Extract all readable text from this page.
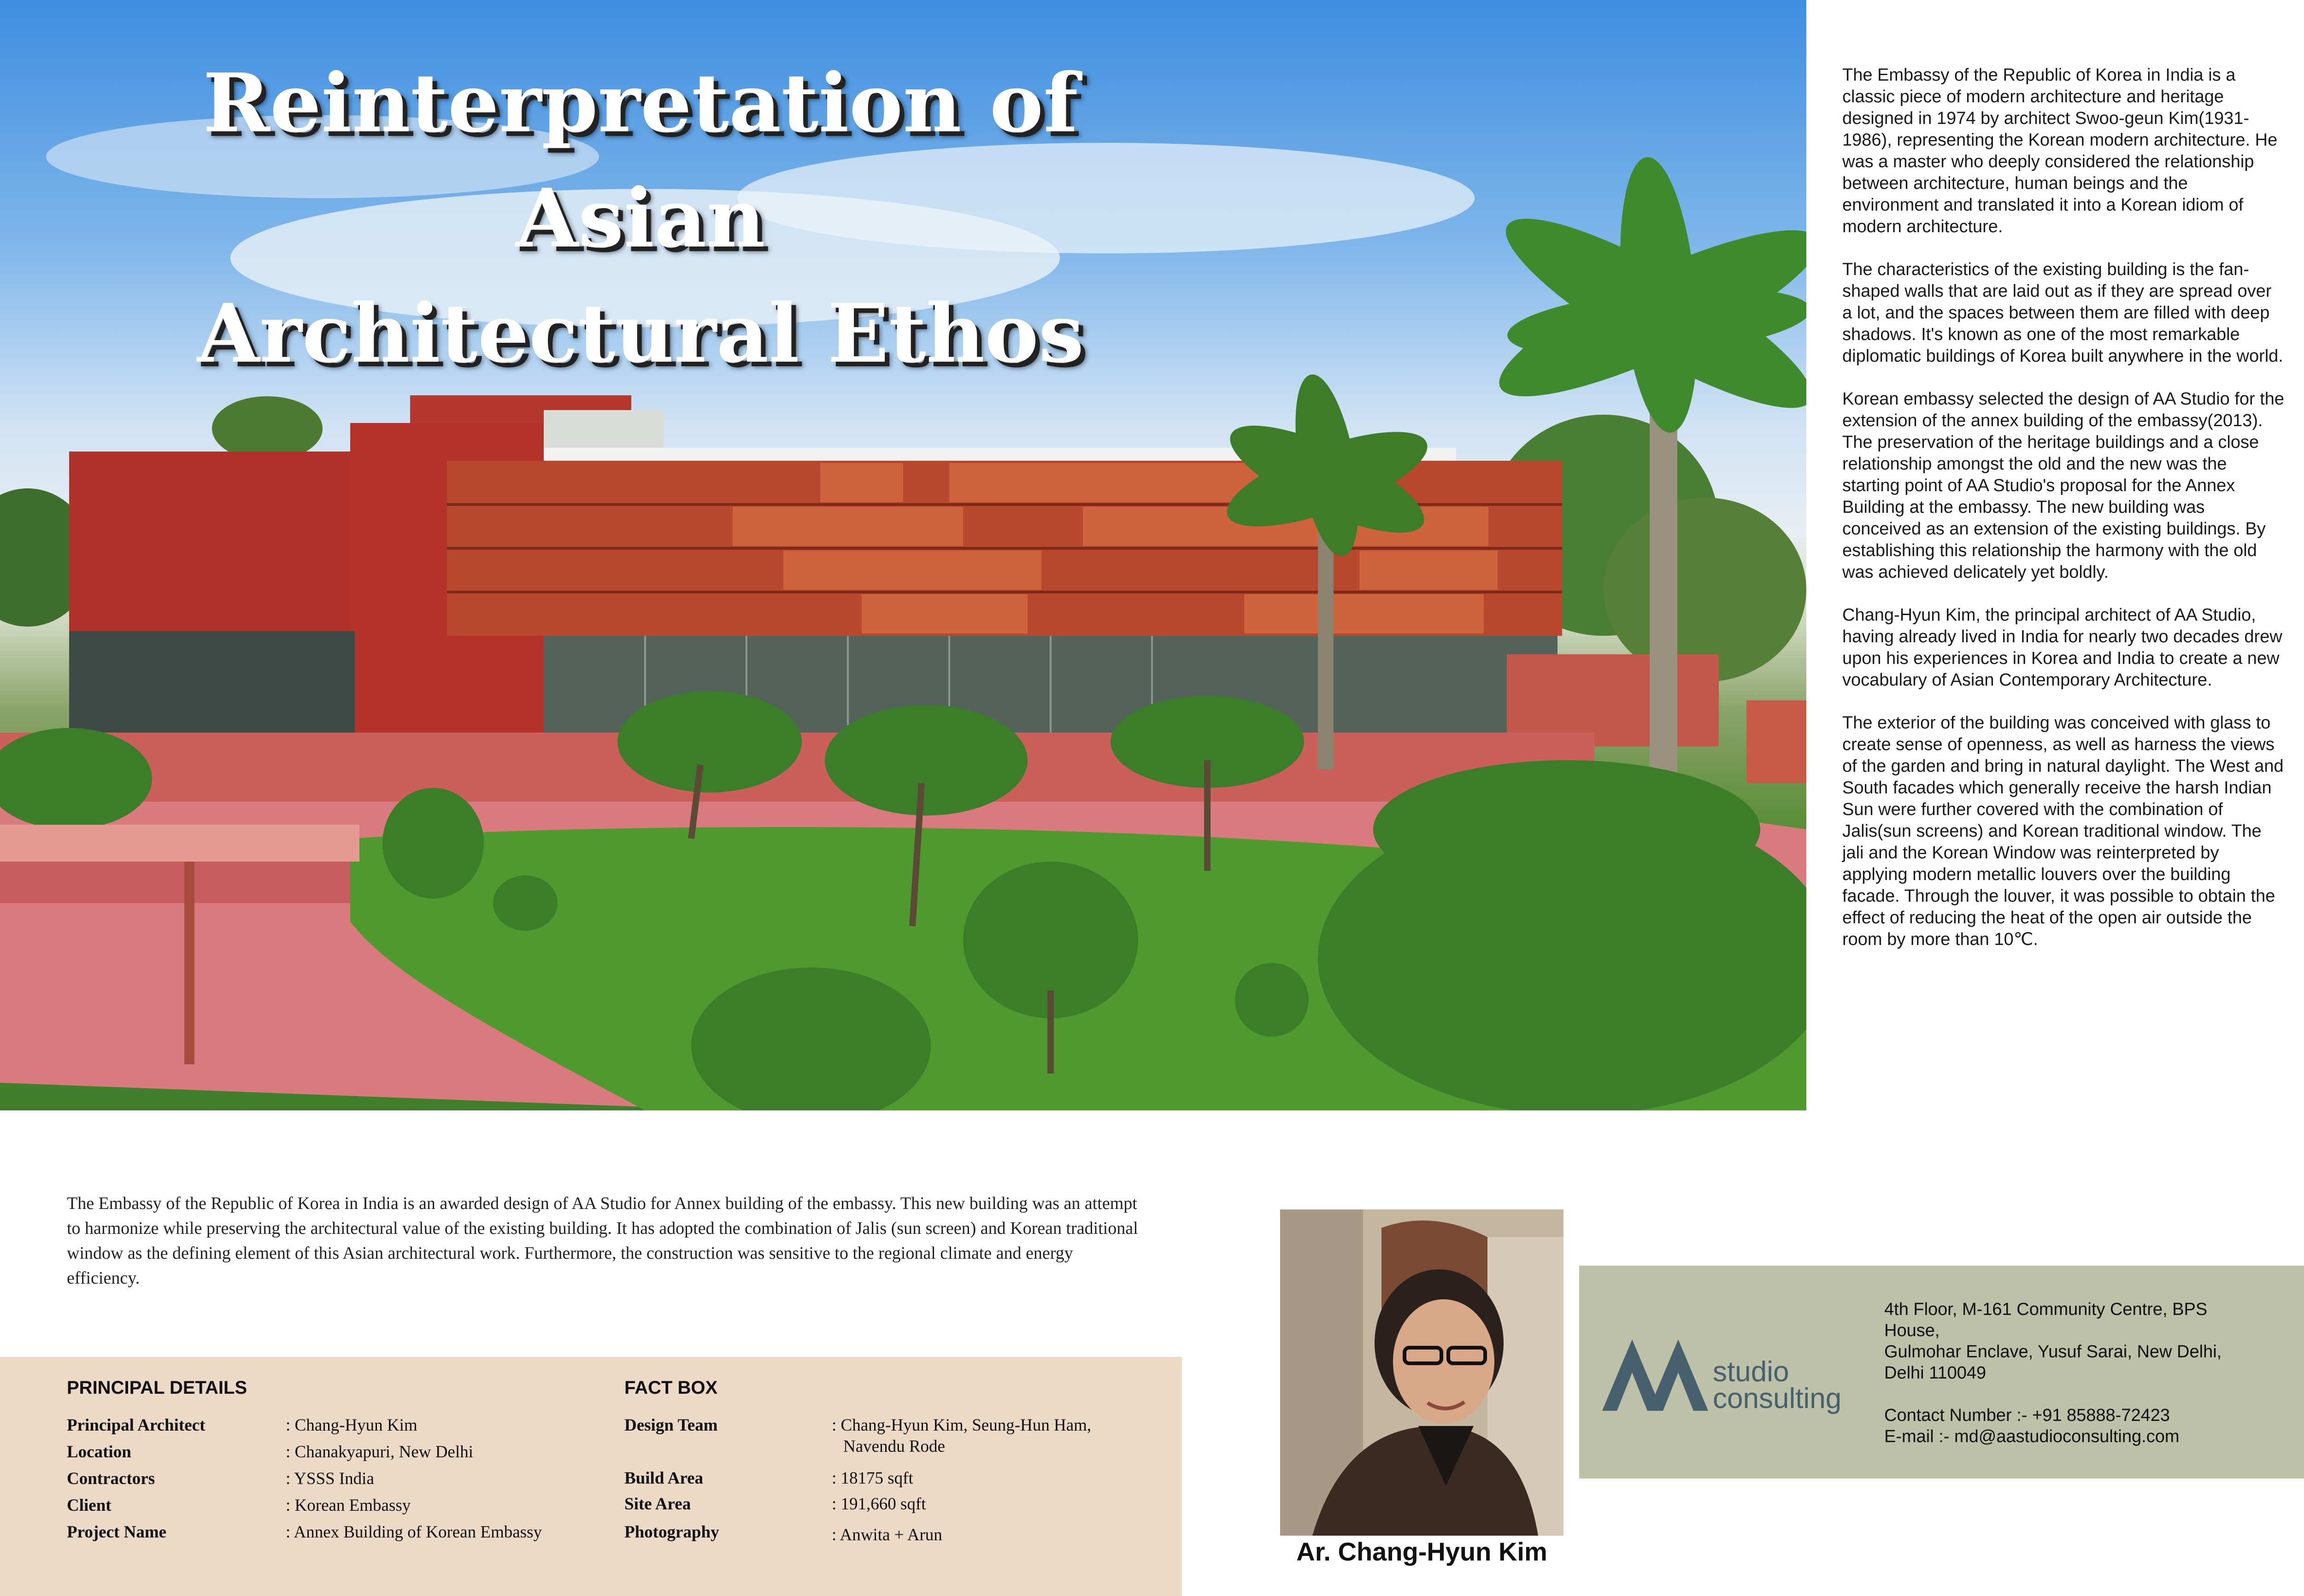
Reinterpretation of Asian
Architectural Ethos

The Embassy of the Republic of Korea in India is a classic piece of modern architecture and heritage designed in 1974 by architect Swoo-geun Kim(1931-1986), representing the Korean modern architecture. He was a master who deeply considered the relationship between architecture, human beings and the environment and translated it into a Korean idiom of modern architecture.

The characteristics of the existing building is the fan-shaped walls that are laid out as if they are spread over a lot, and the spaces between them are filled with deep shadows. It's known as one of the most remarkable diplomatic buildings of Korea built anywhere in the world.

Korean embassy selected the design of AA Studio for the extension of the annex building of the embassy(2013). The preservation of the heritage buildings and a close relationship amongst the old and the new was the starting point of AA Studio's proposal for the Annex Building at the embassy. The new building was conceived as an extension of the existing buildings. By establishing this relationship the harmony with the old was achieved delicately yet boldly.

Chang-Hyun Kim, the principal architect of AA Studio, having already lived in India for nearly two decades drew upon his experiences in Korea and India to create a new vocabulary of Asian Contemporary Architecture.

The exterior of the building was conceived with glass to create sense of openness, as well as harness the views of the garden and bring in natural daylight. The West and South facades which generally receive the harsh Indian Sun were further covered with the combination of Jalis(sun screens) and Korean traditional window. The jali and the Korean Window was reinterpreted by applying modern metallic louvers over the building facade. Through the louver, it was possible to obtain the effect of reducing the heat of the open air outside the room by more than 10℃.

The Embassy of the Republic of Korea in India is an awarded design of AA Studio for Annex building of the embassy. This new building was an attempt to harmonize while preserving the architectural value of the existing building. It has adopted the combination of Jalis (sun screen) and Korean traditional window as the defining element of this Asian architectural work. Furthermore, the construction was sensitive to the regional climate and energy efficiency.

PRINCIPAL DETAILS	FACT BOX
Principal Architect	: Chang-Hyun Kim
Location	: Chanakyapuri, New Delhi
Contractors	: YSSS India
Client	: Korean Embassy
Project Name	: Annex Building of Korean Embassy
Design Team	: Chang-Hyun Kim, Seung-Hun Ham,
Navendu Rode
Build Area	: 18175 sqft
Site Area	: 191,660 sqft
Photography	: Anwita + Arun

Ar. Chang-Hyun Kim

studio
consulting

4th Floor, M-161 Community Centre, BPS

House,

Gulmohar Enclave, Yusuf Sarai, New Delhi,

Delhi 110049

Contact Number :- +91 85888-72423

E-mail :- md@aastudioconsulting.com
